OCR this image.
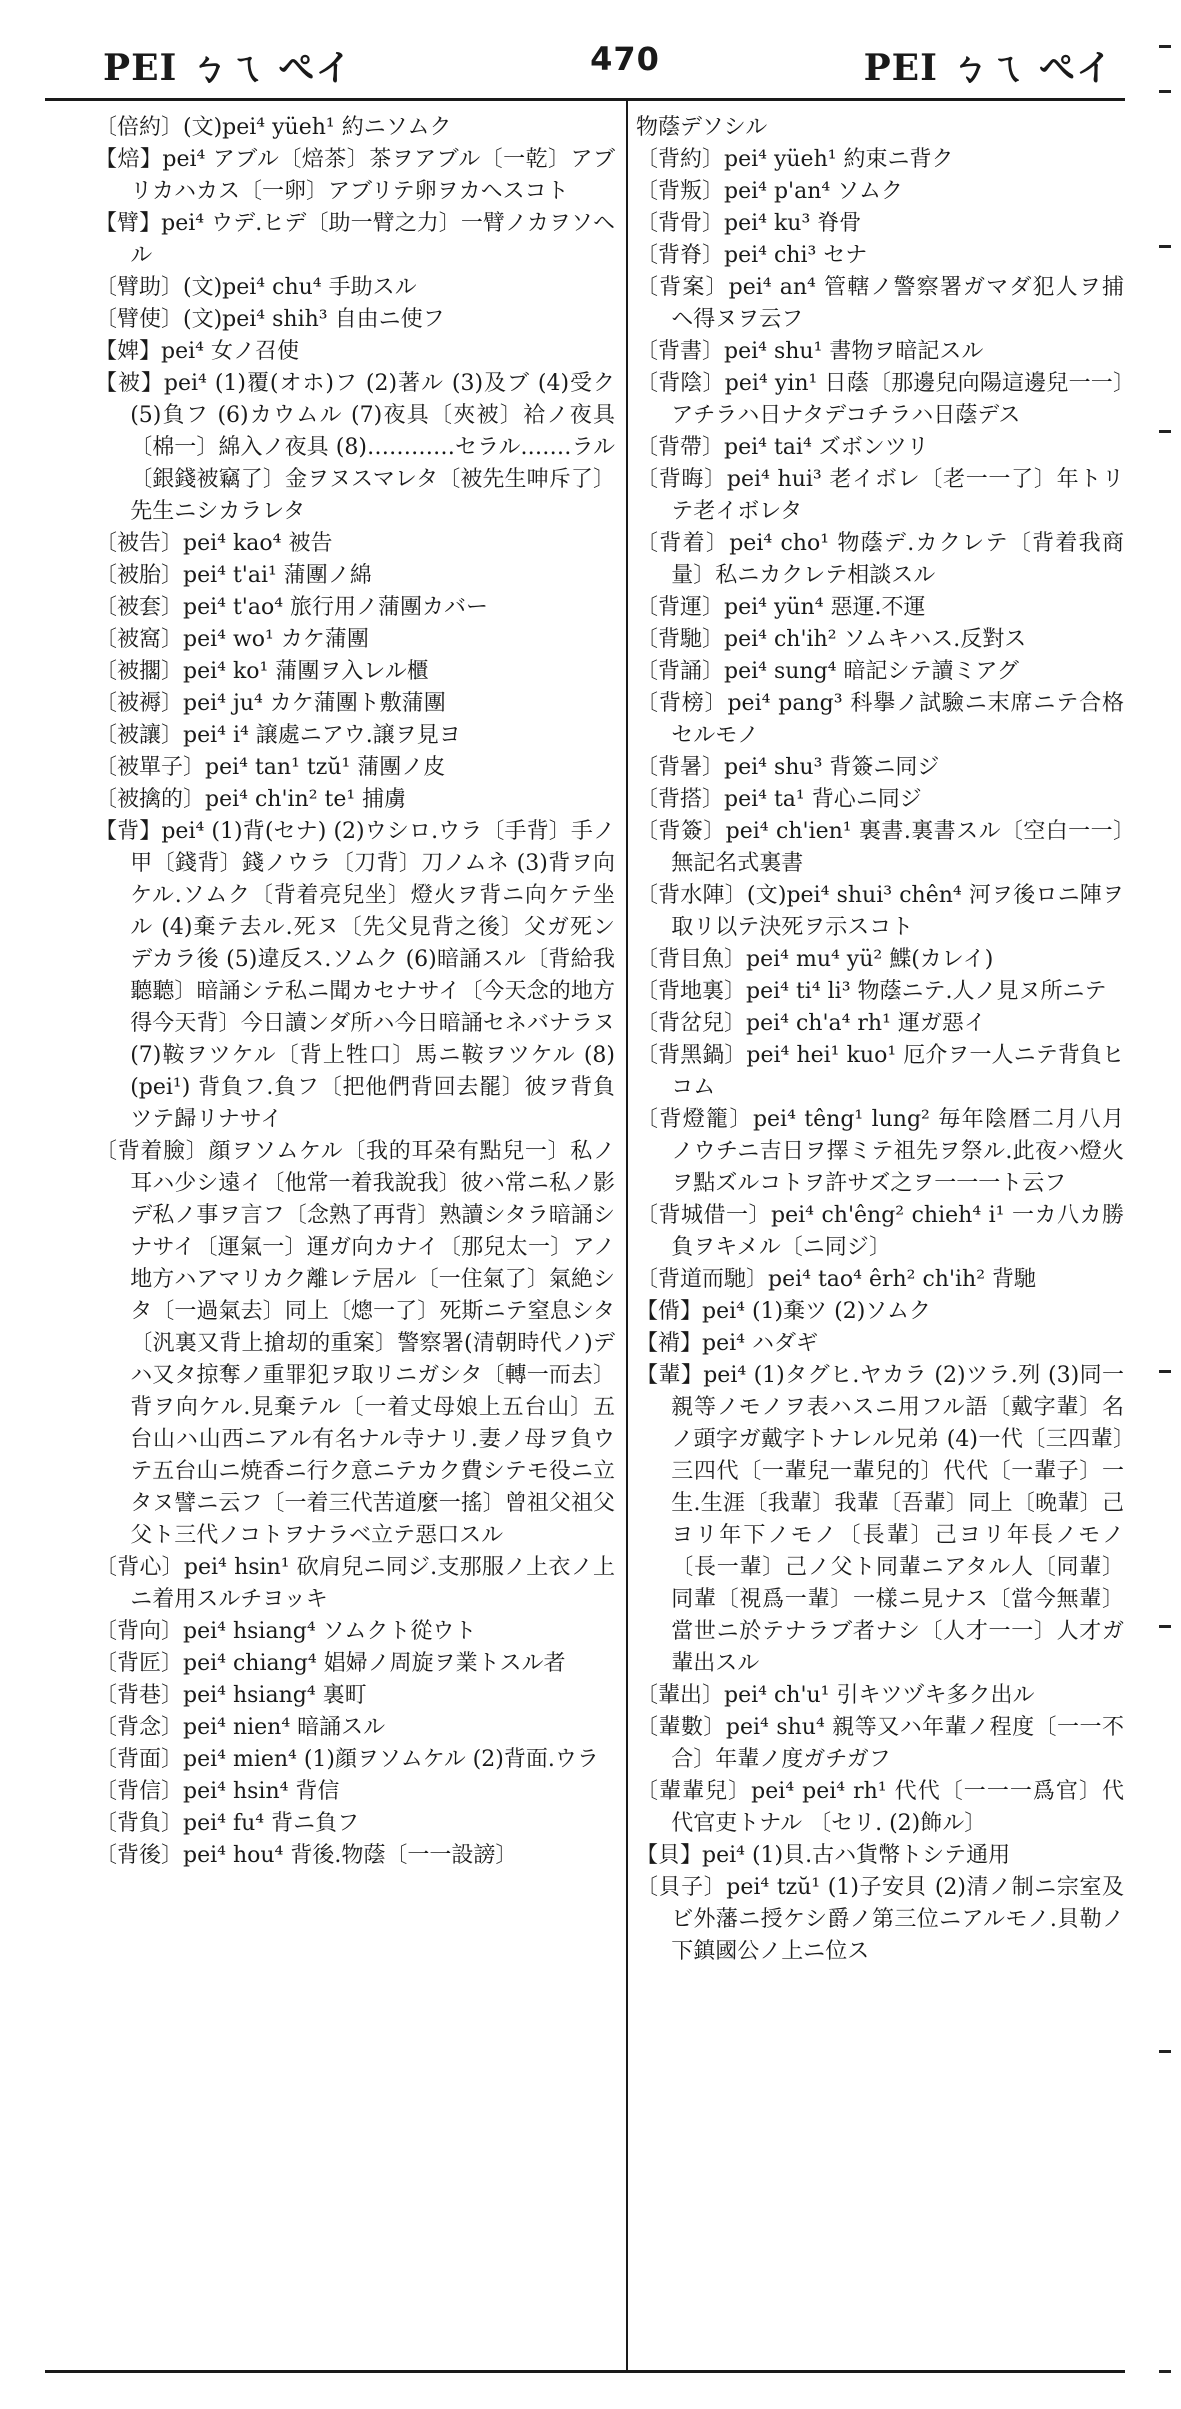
PEI ㄅㄟ ぺイ	470	PEI ㄅㄟ ぺイ

〔倍約〕(文)pei⁴ yüeh¹ 約ニソムク

【焙】pei⁴ アブル〔焙茶〕茶ヲアブル〔一乾〕アブリカハカス〔一卵〕アブリテ卵ヲカヘスコト

【臂】pei⁴ ウデ.ヒデ〔助一臂之力〕一臂ノカヲソヘル

〔臂助〕(文)pei⁴ chu⁴ 手助スル

〔臂使〕(文)pei⁴ shih³ 自由ニ使フ

【婢】pei⁴ 女ノ召使

【被】pei⁴ (1)覆(オホ)フ (2)著ル (3)及ブ (4)受ク (5)負フ (6)カウムル (7)夜具〔夾被〕袷ノ夜具〔棉一〕綿入ノ夜具 (8)…………セラル.……ラル〔銀錢被竊了〕金ヲヌスマレタ〔被先生呻斥了〕先生ニシカラレタ

〔被告〕pei⁴ kao⁴ 被告

〔被胎〕pei⁴ t'ai¹ 蒲團ノ綿

〔被套〕pei⁴ t'ao⁴ 旅行用ノ蒲團カバー

〔被窩〕pei⁴ wo¹ カケ蒲團

〔被擱〕pei⁴ ko¹ 蒲團ヲ入レル櫃

〔被褥〕pei⁴ ju⁴ カケ蒲團ト敷蒲團

〔被讓〕pei⁴ i⁴ 譲處ニアウ.譲ヲ見ヨ

〔被單子〕pei⁴ tan¹ tzŭ¹ 蒲團ノ皮

〔被擒的〕pei⁴ ch'in² te¹ 捕虜

【背】pei⁴ (1)背(セナ) (2)ウシロ.ウラ〔手背〕手ノ甲〔錢背〕錢ノウラ〔刀背〕刀ノムネ (3)背ヲ向ケル.ソムク〔背着亮兒坐〕燈火ヲ背ニ向ケテ坐ル (4)棄テ去ル.死ヌ〔先父見背之後〕父ガ死ンデカラ後 (5)違反ス.ソムク (6)暗誦スル〔背給我聽聽〕暗誦シテ私ニ聞カセナサイ〔今天念的地方得今天背〕今日讀ンダ所ハ今日暗誦セネバナラヌ (7)鞍ヲツケル〔背上牲口〕馬ニ鞍ヲツケル (8)(pei¹) 背負フ.負フ〔把他們背回去罷〕彼ヲ背負ツテ歸リナサイ

〔背着臉〕顔ヲソムケル〔我的耳朶有點兒一〕私ノ耳ハ少シ遠イ〔他常一着我說我〕彼ハ常ニ私ノ影デ私ノ事ヲ言フ〔念熟了再背〕熟讀シタラ暗誦シナサイ〔運氣一〕運ガ向カナイ〔那兒太一〕アノ地方ハアマリカク離レテ居ル〔一住氣了〕氣絶シタ〔一過氣去〕同上〔熜一了〕死斯ニテ窒息シタ〔汎裏又背上搶刧的重案〕警察署(清朝時代ノ)デハ又タ掠奪ノ重罪犯ヲ取リニガシタ〔轉一而去〕背ヲ向ケル.見棄テル〔一着丈母娘上五台山〕五台山ハ山西ニアル有名ナル寺ナリ.妻ノ母ヲ負ウテ五台山ニ焼香ニ行ク意ニテカク費シテモ役ニ立タヌ譬ニ云フ〔一着三代苦道麼一搖〕曾祖父祖父父ト三代ノコトヲナラベ立テ惡口スル

〔背心〕pei⁴ hsin¹ 砍肩兒ニ同ジ.支那服ノ上衣ノ上ニ着用スルチヨッキ

〔背向〕pei⁴ hsiang⁴ ソムクト從ウト

〔背匠〕pei⁴ chiang⁴ 娼婦ノ周旋ヲ業トスル者

〔背巷〕pei⁴ hsiang⁴ 裏町

〔背念〕pei⁴ nien⁴ 暗誦スル

〔背面〕pei⁴ mien⁴ (1)顔ヲソムケル (2)背面.ウラ

〔背信〕pei⁴ hsin⁴ 背信

〔背負〕pei⁴ fu⁴ 背ニ負フ

〔背後〕pei⁴ hou⁴ 背後.物蔭〔一一設謗〕

物蔭デソシル

〔背約〕pei⁴ yüeh¹ 約束ニ背ク

〔背叛〕pei⁴ p'an⁴ ソムク

〔背骨〕pei⁴ ku³ 脊骨

〔背脊〕pei⁴ chi³ セナ

〔背案〕pei⁴ an⁴ 管轄ノ警察署ガマダ犯人ヲ捕ヘ得ヌヲ云フ

〔背書〕pei⁴ shu¹ 書物ヲ暗記スル

〔背陰〕pei⁴ yin¹ 日蔭〔那邊兒向陽這邊兒一一〕アチラハ日ナタデコチラハ日蔭デス

〔背帶〕pei⁴ tai⁴ ズボンツリ

〔背晦〕pei⁴ hui³ 老イボレ〔老一一了〕年トリテ老イボレタ

〔背着〕pei⁴ cho¹ 物蔭デ.カクレテ〔背着我商量〕私ニカクレテ相談スル

〔背運〕pei⁴ yün⁴ 惡運.不運

〔背馳〕pei⁴ ch'ih² ソムキハス.反對ス

〔背誦〕pei⁴ sung⁴ 暗記シテ讀ミアグ

〔背榜〕pei⁴ pang³ 科擧ノ試驗ニ末席ニテ合格セルモノ

〔背暑〕pei⁴ shu³ 背簽ニ同ジ

〔背搭〕pei⁴ ta¹ 背心ニ同ジ

〔背簽〕pei⁴ ch'ien¹ 裏書.裏書スル〔空白一一〕無記名式裏書

〔背水陣〕(文)pei⁴ shui³ chên⁴ 河ヲ後ロニ陣ヲ取リ以テ決死ヲ示スコト

〔背目魚〕pei⁴ mu⁴ yü² 鰈(カレイ)

〔背地裏〕pei⁴ ti⁴ li³ 物蔭ニテ.人ノ見ヌ所ニテ

〔背岔兒〕pei⁴ ch'a⁴ rh¹ 運ガ惡イ

〔背黑鍋〕pei⁴ hei¹ kuo¹ 厄介ヲ一人ニテ背負ヒコム

〔背燈籠〕pei⁴ têng¹ lung² 毎年陰暦二月八月ノウチニ吉日ヲ擇ミテ祖先ヲ祭ル.此夜ハ燈火ヲ點ズルコトヲ許サズ之ヲ一一一ト云フ

〔背城借一〕pei⁴ ch'êng² chieh⁴ i¹ 一カ八カ勝負ヲキメル〔ニ同ジ〕

〔背道而馳〕pei⁴ tao⁴ êrh² ch'ih² 背馳

【偝】pei⁴ (1)棄ツ (2)ソムク

【褙】pei⁴ ハダギ

【輩】pei⁴ (1)タグヒ.ヤカラ (2)ツラ.列 (3)同一親等ノモノヲ表ハスニ用フル語〔戴字輩〕名ノ頭字ガ戴字トナレル兄弟 (4)一代〔三四輩〕三四代〔一輩兒一輩兒的〕代代〔一輩子〕一生.生涯〔我輩〕我輩〔吾輩〕同上〔晩輩〕己ヨリ年下ノモノ〔長輩〕己ヨリ年長ノモノ〔長一輩〕己ノ父ト同輩ニアタル人〔同輩〕同輩〔視爲一輩〕一樣ニ見ナス〔當今無輩〕當世ニ於テナラブ者ナシ〔人才一一〕人才ガ輩出スル

〔輩出〕pei⁴ ch'u¹ 引キツヅキ多ク出ル

〔輩數〕pei⁴ shu⁴ 親等又ハ年輩ノ程度〔一一不合〕年輩ノ度ガチガフ

〔輩輩兒〕pei⁴ pei⁴ rh¹ 代代〔一一一爲官〕代代官吏トナル 〔セリ. (2)飾ル〕

【貝】pei⁴ (1)貝.古ハ貨幣トシテ通用

〔貝子〕pei⁴ tzŭ¹ (1)子安貝 (2)清ノ制ニ宗室及ビ外藩ニ授ケシ爵ノ第三位ニアルモノ.貝勒ノ下鎮國公ノ上ニ位ス
